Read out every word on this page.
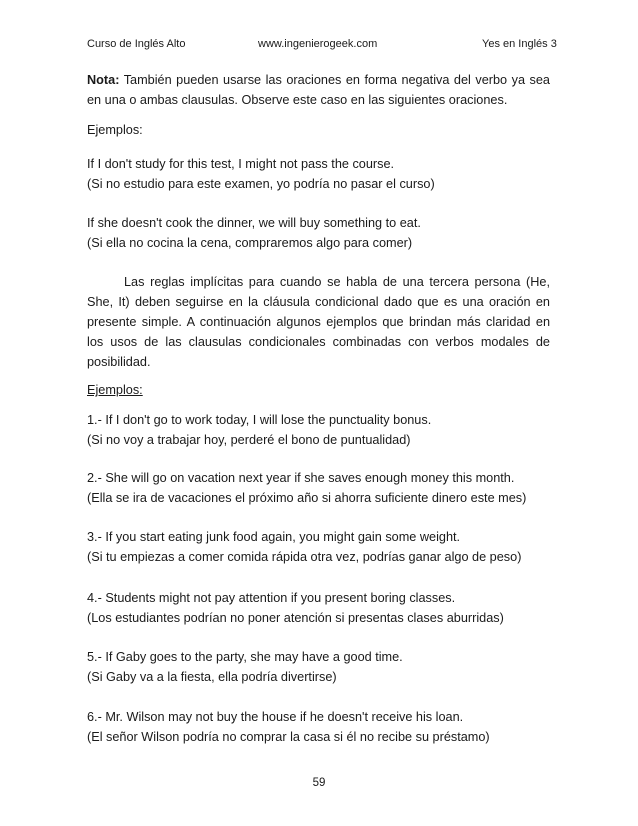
Curso de Inglés Alto	www.ingenierogeek.com	Yes en Inglés 3
Nota: También pueden usarse las oraciones en forma negativa del verbo ya sea en una o ambas clausulas. Observe este caso en las siguientes oraciones.
Ejemplos:
If I don't study for this test, I might not pass the course.
(Si no estudio para este examen, yo podría no pasar el curso)
If she doesn't cook the dinner, we will buy something to eat.
(Si ella no cocina la cena, compraremos algo para comer)
Las reglas implícitas para cuando se habla de una tercera persona (He, She, It) deben seguirse en la cláusula condicional dado que es una oración en presente simple. A continuación algunos ejemplos que brindan más claridad en los usos de las clausulas condicionales combinadas con verbos modales de posibilidad.
Ejemplos:
1.- If I don't go to work today, I will lose the punctuality bonus.
(Si no voy a trabajar hoy, perderé el bono de puntualidad)
2.- She will go on vacation next year if she saves enough money this month.
(Ella se ira de vacaciones el próximo año si ahorra suficiente dinero este mes)
3.- If you start eating junk food again, you might gain some weight.
(Si tu empiezas a comer comida rápida otra vez, podrías ganar algo de peso)
4.- Students might not pay attention if you present boring classes.
(Los estudiantes podrían no poner atención si presentas clases aburridas)
5.- If Gaby goes to the party, she may have a good time.
(Si Gaby va a la fiesta, ella podría divertirse)
6.- Mr. Wilson may not buy the house if he doesn't receive his loan.
(El señor Wilson podría no comprar la casa si él no recibe su préstamo)
59
